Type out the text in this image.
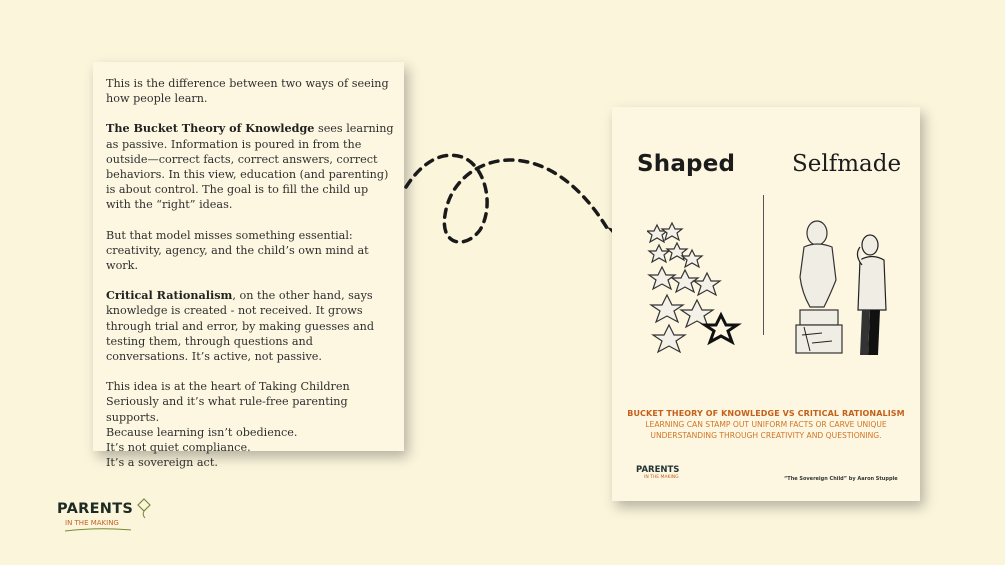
This is the difference between two ways of seeing how people learn.

The Bucket Theory of Knowledge sees learning as passive. Information is poured in from the outside—correct facts, correct answers, correct behaviors. In this view, education (and parenting) is about control. The goal is to fill the child up with the “right” ideas.

But that model misses something essential: creativity, agency, and the child’s own mind at work.

Critical Rationalism, on the other hand, says knowledge is created - not received. It grows through trial and error, by making guesses and testing them, through questions and conversations. It’s active, not passive.

This idea is at the heart of Taking Children Seriously and it’s what rule-free parenting supports.

Because learning isn’t obedience.

It’s not quiet compliance.

It’s a sovereign act.

Shaped Selfmade
BUCKET THEORY OF KNOWLEDGE VS CRITICAL RATIONALISM
LEARNING CAN STAMP OUT UNIFORM FACTS OR CARVE UNIQUE UNDERSTANDING THROUGH CREATIVITY AND QUESTIONING.
PARENTS
IN THE MAKING	“The Sovereign Child” by Aaron Stupple
PARENTS
IN THE MAKING
